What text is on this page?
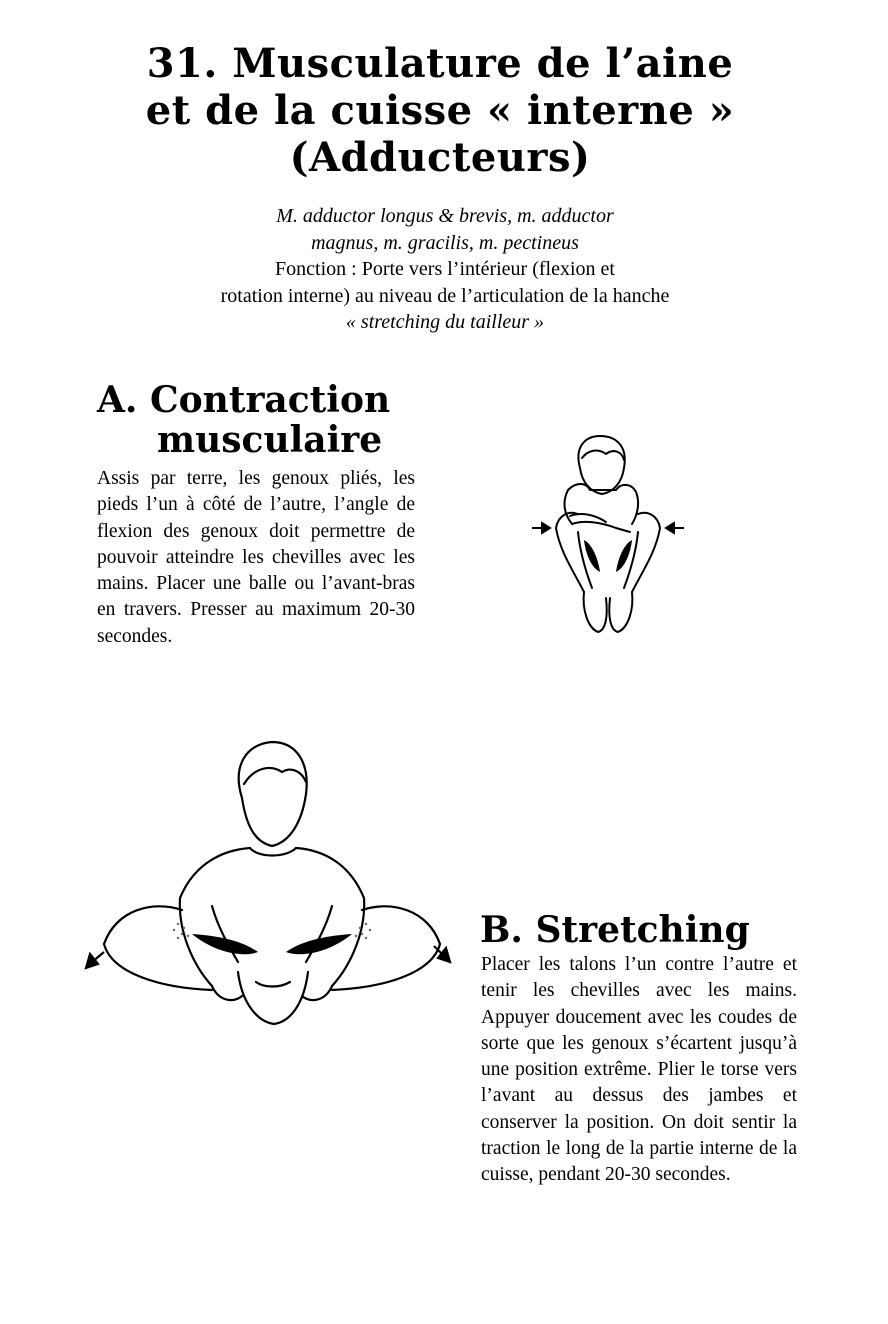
31. Musculature de l’aine
et de la cuisse « interne »
(Adducteurs)
M. adductor longus & brevis, m. adductor
magnus, m. gracilis, m. pectineus
Fonction : Porte vers l’intérieur (flexion et
rotation interne) au niveau de l’articulation de la hanche
« stretching du tailleur »
A. Contraction
musculaire
Assis par terre, les genoux pliés, les pieds l’un à côté de l’autre, l’angle de flexion des genoux doit permettre de pouvoir atteindre les chevilles avec les mains. Placer une balle ou l’avant-bras en travers. Presser au maximum 20-30 secondes.
B. Stretching
Placer les talons l’un contre l’autre et tenir les chevilles avec les mains. Appuyer doucement avec les coudes de sorte que les genoux s’écartent jusqu’à une position extrême. Plier le torse vers l’avant au dessus des jambes et conserver la position. On doit sentir la traction le long de la partie interne de la cuisse, pendant 20-30 secondes.
